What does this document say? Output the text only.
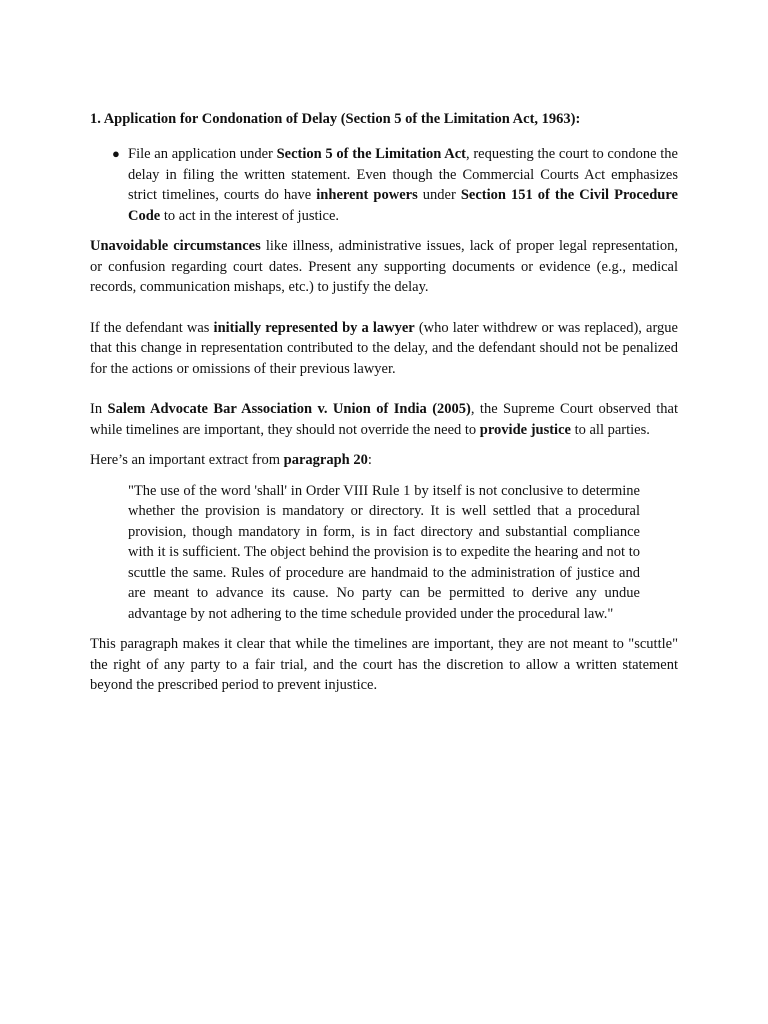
1. Application for Condonation of Delay (Section 5 of the Limitation Act, 1963):

● File an application under Section 5 of the Limitation Act, requesting the court to condone the delay in filing the written statement. Even though the Commercial Courts Act emphasizes strict timelines, courts do have inherent powers under Section 151 of the Civil Procedure Code to act in the interest of justice.

Unavoidable circumstances like illness, administrative issues, lack of proper legal representation, or confusion regarding court dates. Present any supporting documents or evidence (e.g., medical records, communication mishaps, etc.) to justify the delay.

If the defendant was initially represented by a lawyer (who later withdrew or was replaced), argue that this change in representation contributed to the delay, and the defendant should not be penalized for the actions or omissions of their previous lawyer.

In Salem Advocate Bar Association v. Union of India (2005), the Supreme Court observed that while timelines are important, they should not override the need to provide justice to all parties.

Here’s an important extract from paragraph 20:

"The use of the word 'shall' in Order VIII Rule 1 by itself is not conclusive to determine whether the provision is mandatory or directory. It is well settled that a procedural provision, though mandatory in form, is in fact directory and substantial compliance with it is sufficient. The object behind the provision is to expedite the hearing and not to scuttle the same. Rules of procedure are handmaid to the administration of justice and are meant to advance its cause. No party can be permitted to derive any undue advantage by not adhering to the time schedule provided under the procedural law."

This paragraph makes it clear that while the timelines are important, they are not meant to "scuttle" the right of any party to a fair trial, and the court has the discretion to allow a written statement beyond the prescribed period to prevent injustice.
